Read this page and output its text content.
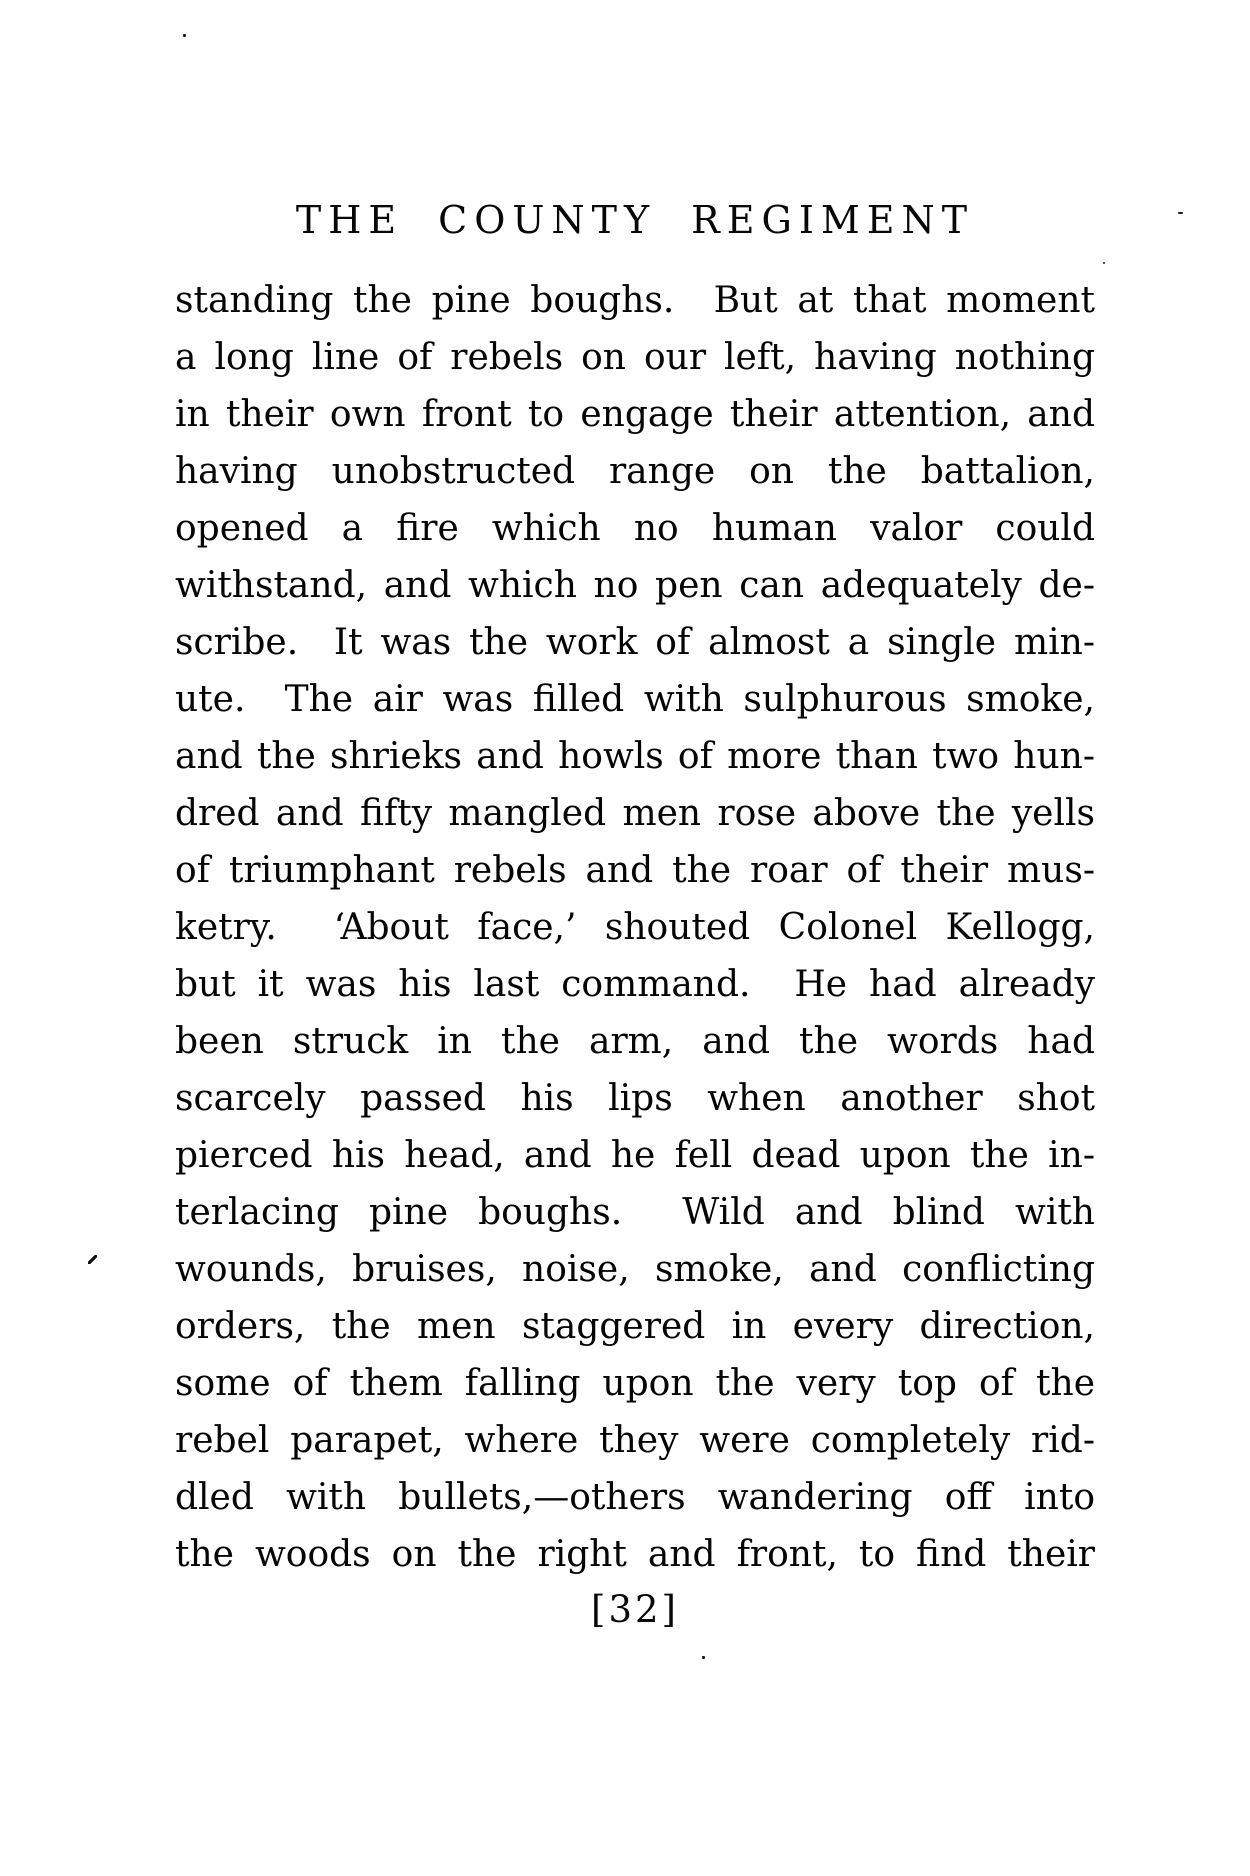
THE COUNTY REGIMENT
standing the pine boughs.  But at that moment
a long line of rebels on our left, having nothing
in their own front to engage their attention, and
having unobstructed range on the battalion,
opened a fire which no human valor could
withstand, and which no pen can adequately de-
scribe.  It was the work of almost a single min-
ute.  The air was filled with sulphurous smoke,
and the shrieks and howls of more than two hun-
dred and fifty mangled men rose above the yells
of triumphant rebels and the roar of their mus-
ketry.  ‘About face,’ shouted Colonel Kellogg,
but it was his last command.  He had already
been struck in the arm, and the words had
scarcely passed his lips when another shot
pierced his head, and he fell dead upon the in-
terlacing pine boughs.  Wild and blind with
wounds, bruises, noise, smoke, and conflicting
orders, the men staggered in every direction,
some of them falling upon the very top of the
rebel parapet, where they were completely rid-
dled with bullets,—others wandering off into
the woods on the right and front, to find their
[32]
